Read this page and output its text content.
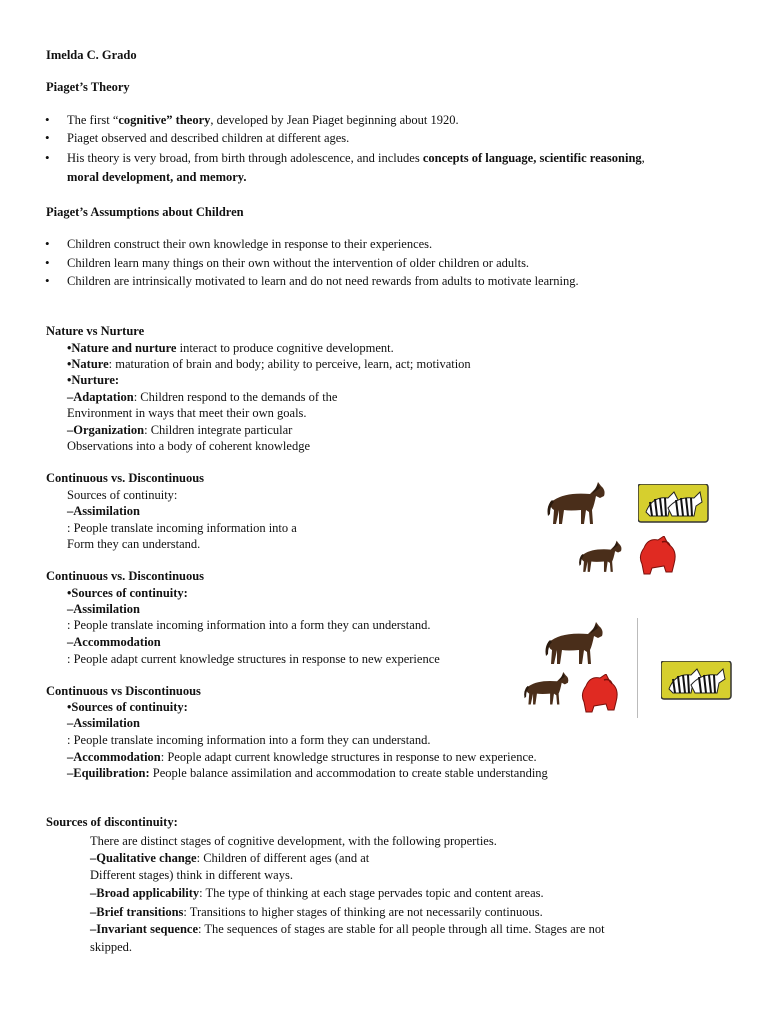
Imelda C. Grado
Piaget’s Theory
• The first “cognitive” theory, developed by Jean Piaget beginning about 1920.
• Piaget observed and described children at different ages.
• His theory is very broad, from birth through adolescence, and includes concepts of language, scientific reasoning,
moral development, and memory.
Piaget’s Assumptions about Children
• Children construct their own knowledge in response to their experiences.
• Children learn many things on their own without the intervention of older children or adults.
• Children are intrinsically motivated to learn and do not need rewards from adults to motivate learning.
Nature vs Nurture
•Nature and nurture interact to produce cognitive development.
•Nature: maturation of brain and body; ability to perceive, learn, act; motivation
•Nurture:
–Adaptation: Children respond to the demands of the
Environment in ways that meet their own goals.
–Organization: Children integrate particular
Observations into a body of coherent knowledge
Continuous vs. Discontinuous
Sources of continuity:
–Assimilation
: People translate incoming information into a
Form they can understand.
Continuous vs. Discontinuous
•Sources of continuity:
–Assimilation
: People translate incoming information into a form they can understand.
–Accommodation
: People adapt current knowledge structures in response to new experience
Continuous vs Discontinuous
•Sources of continuity:
–Assimilation
: People translate incoming information into a form they can understand.
–Accommodation: People adapt current knowledge structures in response to new experience.
–Equilibration: People balance assimilation and accommodation to create stable understanding
Sources of discontinuity:
There are distinct stages of cognitive development, with the following properties.
–Qualitative change: Children of different ages (and at
Different stages) think in different ways.
–Broad applicability: The type of thinking at each stage pervades topic and content areas.
–Brief transitions: Transitions to higher stages of thinking are not necessarily continuous.
–Invariant sequence: The sequences of stages are stable for all people through all time. Stages are not
skipped.
